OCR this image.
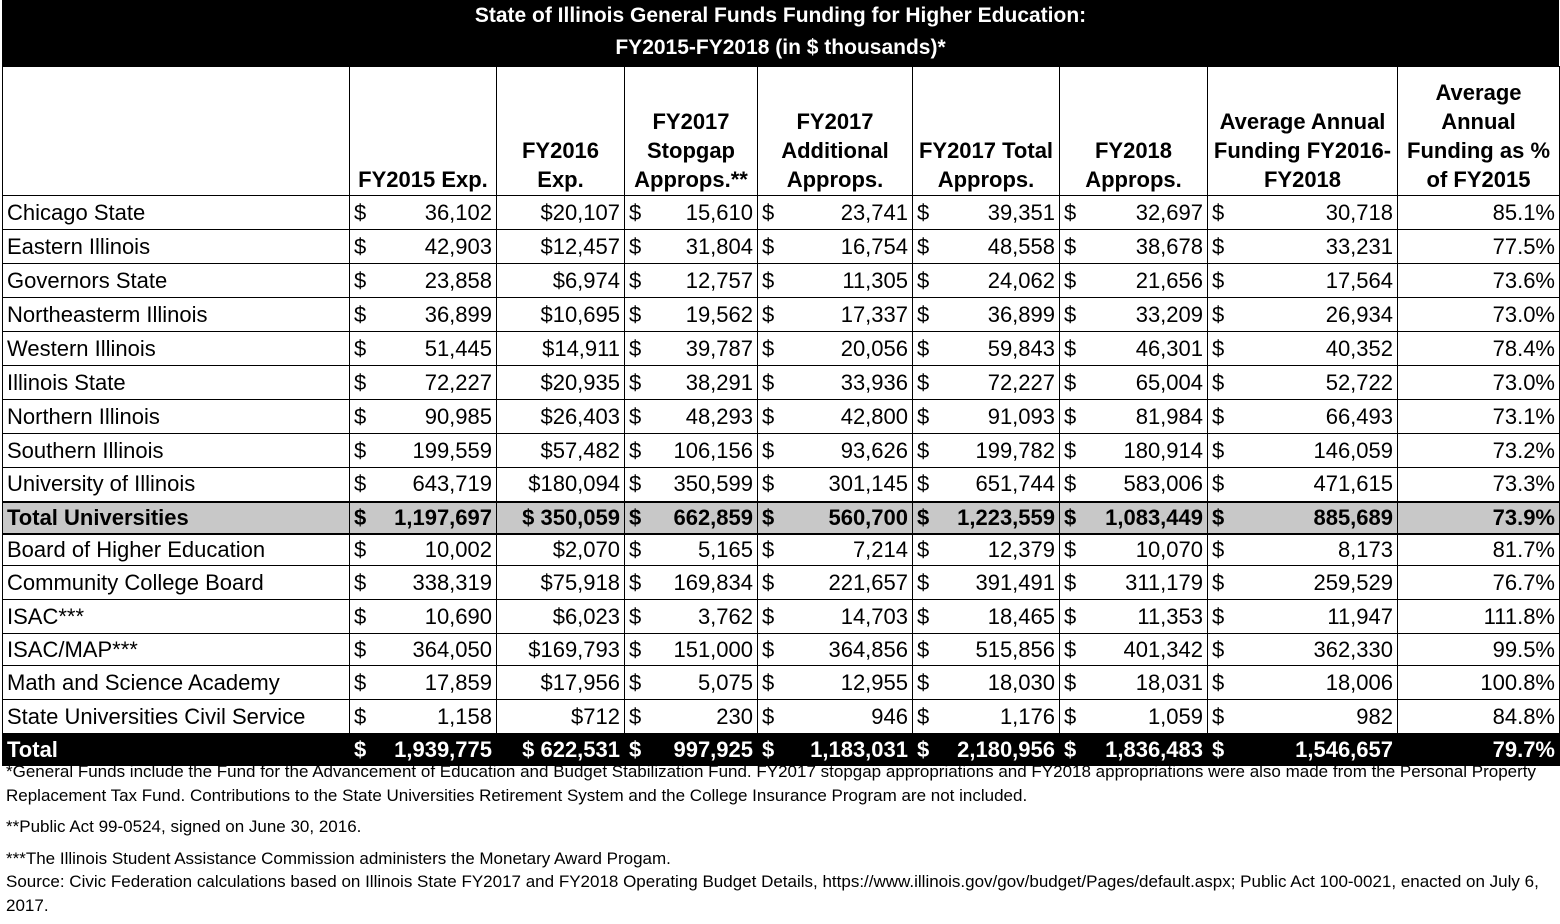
State of Illinois General Funds Funding for Higher Education:
FY2015-FY2018 (in $ thousands)*
	FY2015 Exp.	FY2016 Exp.	FY2017 Stopgap Approps.**	FY2017 Additional Approps.	FY2017 Total Approps.	FY2018 Approps.	Average Annual Funding FY2016-FY2018	Average Annual Funding as % of FY2015
Chicago State	$ 36,102	$20,107	$ 15,610	$ 23,741	$ 39,351	$ 32,697	$ 30,718	85.1%
Eastern Illinois	$ 42,903	$12,457	$ 31,804	$ 16,754	$ 48,558	$ 38,678	$ 33,231	77.5%
Governors State	$ 23,858	$6,974	$ 12,757	$ 11,305	$ 24,062	$ 21,656	$ 17,564	73.6%
Northeasterm Illinois	$ 36,899	$10,695	$ 19,562	$ 17,337	$ 36,899	$ 33,209	$ 26,934	73.0%
Western Illinois	$ 51,445	$14,911	$ 39,787	$ 20,056	$ 59,843	$ 46,301	$ 40,352	78.4%
Illinois State	$ 72,227	$20,935	$ 38,291	$ 33,936	$ 72,227	$ 65,004	$ 52,722	73.0%
Northern Illinois	$ 90,985	$26,403	$ 48,293	$ 42,800	$ 91,093	$ 81,984	$ 66,493	73.1%
Southern Illinois	$ 199,559	$57,482	$ 106,156	$ 93,626	$ 199,782	$ 180,914	$ 146,059	73.2%
University of Illinois	$ 643,719	$180,094	$ 350,599	$ 301,145	$ 651,744	$ 583,006	$ 471,615	73.3%
Total Universities	$ 1,197,697	$ 350,059	$ 662,859	$ 560,700	$ 1,223,559	$ 1,083,449	$ 885,689	73.9%
Board of Higher Education	$ 10,002	$2,070	$ 5,165	$ 7,214	$ 12,379	$ 10,070	$ 8,173	81.7%
Community College Board	$ 338,319	$75,918	$ 169,834	$ 221,657	$ 391,491	$ 311,179	$ 259,529	76.7%
ISAC***	$ 10,690	$6,023	$ 3,762	$ 14,703	$ 18,465	$ 11,353	$ 11,947	111.8%
ISAC/MAP***	$ 364,050	$169,793	$ 151,000	$ 364,856	$ 515,856	$ 401,342	$ 362,330	99.5%
Math and Science Academy	$ 17,859	$17,956	$ 5,075	$ 12,955	$ 18,030	$ 18,031	$ 18,006	100.8%
State Universities Civil Service	$ 1,158	$712	$ 230	$ 946	$ 1,176	$ 1,059	$ 982	84.8%
Total	$ 1,939,775	$ 622,531	$ 997,925	$ 1,183,031	$ 2,180,956	$ 1,836,483	$ 1,546,657	79.7%

*General Funds include the Fund for the Advancement of Education and Budget Stabilization Fund. FY2017 stopgap appropriations and FY2018 appropriations were also made from the Personal Property Replacement Tax Fund. Contributions to the State Universities Retirement System and the College Insurance Program are not included.

**Public Act 99-0524, signed on June 30, 2016.

***The Illinois Student Assistance Commission administers the Monetary Award Progam.

Source: Civic Federation calculations based on Illinois State FY2017 and FY2018 Operating Budget Details, https://www.illinois.gov/gov/budget/Pages/default.aspx; Public Act 100-0021, enacted on July 6, 2017.
